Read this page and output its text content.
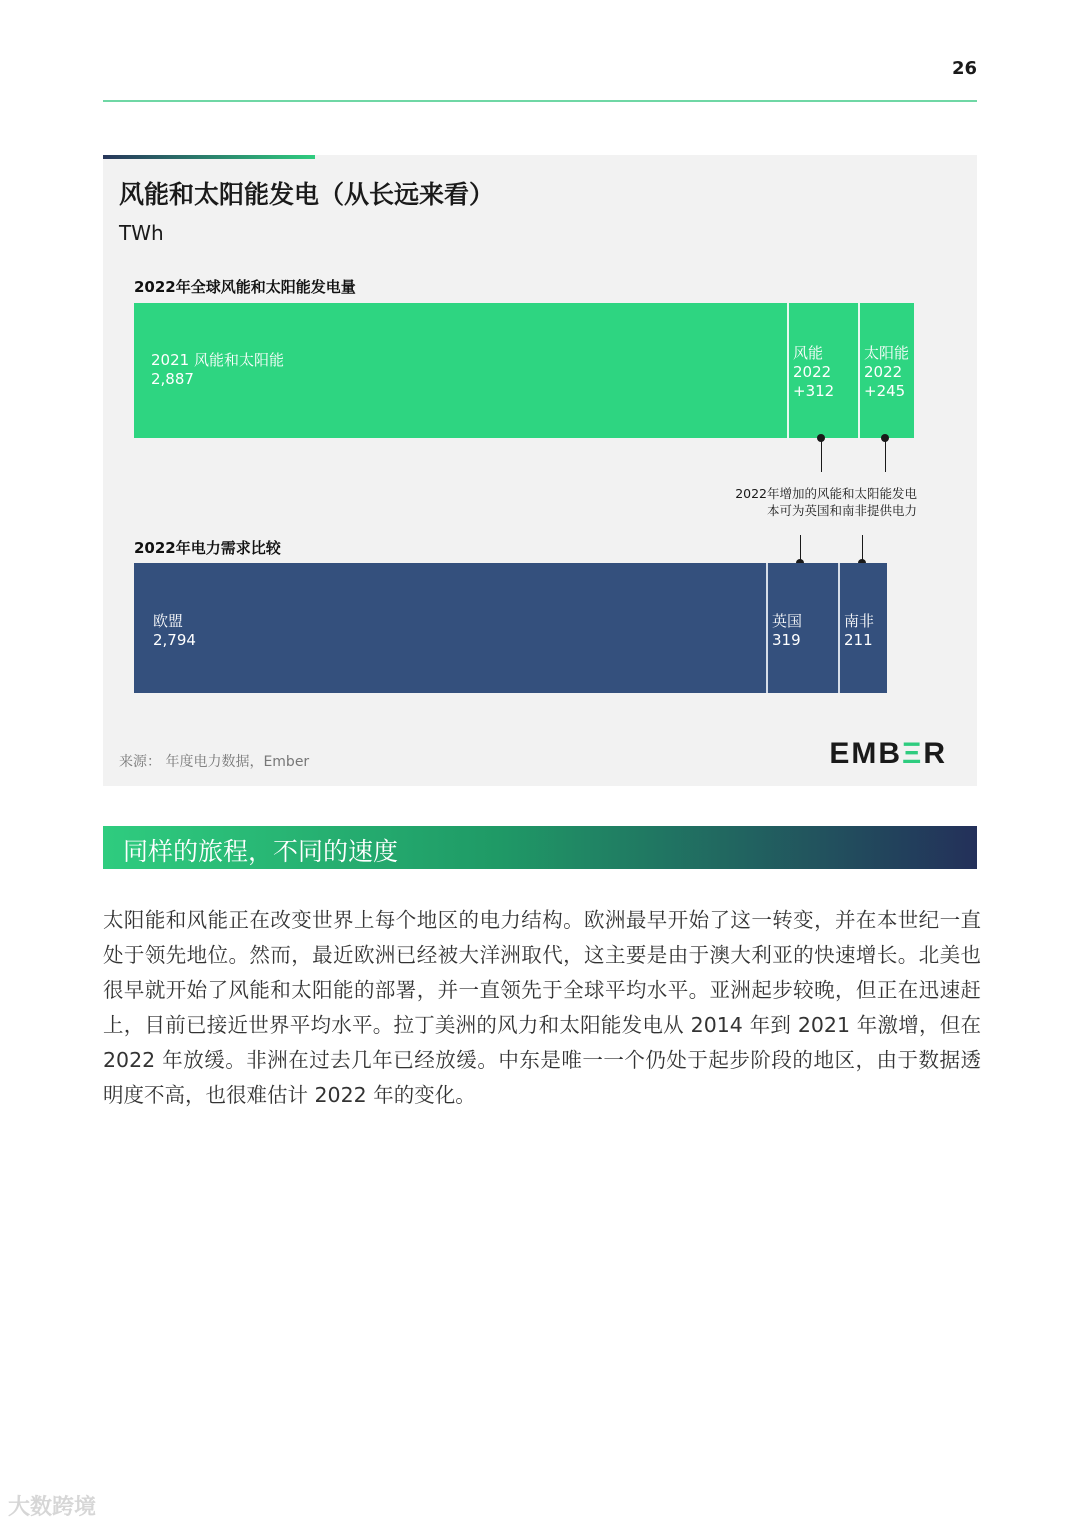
26
风能和太阳能发电（从长远来看）
TWh
2022年全球风能和太阳能发电量
2021 风能和太阳能
2,887
风能
2022
+312
太阳能
2022
+245
2022年增加的风能和太阳能发电
本可为英国和南非提供电力
2022年电力需求比较
欧盟
2,794
英国
319
南非
211
来源： 年度电力数据，Ember	EMBΞR
同样的旅程，不同的速度

太阳能和风能正在改变世界上每个地区的电力结构。欧洲最早开始了这一转变，并在本世纪一直处于领先地位。然而，最近欧洲已经被大洋洲取代，这主要是由于澳大利亚的快速增长。北美也很早就开始了风能和太阳能的部署，并一直领先于全球平均水平。亚洲起步较晚，但正在迅速赶上，目前已接近世界平均水平。拉丁美洲的风力和太阳能发电从 2014 年到 2021 年激增，但在 2022 年放缓。非洲在过去几年已经放缓。中东是唯一一个仍处于起步阶段的地区，由于数据透明度不高，也很难估计 2022 年的变化。

大数跨境
